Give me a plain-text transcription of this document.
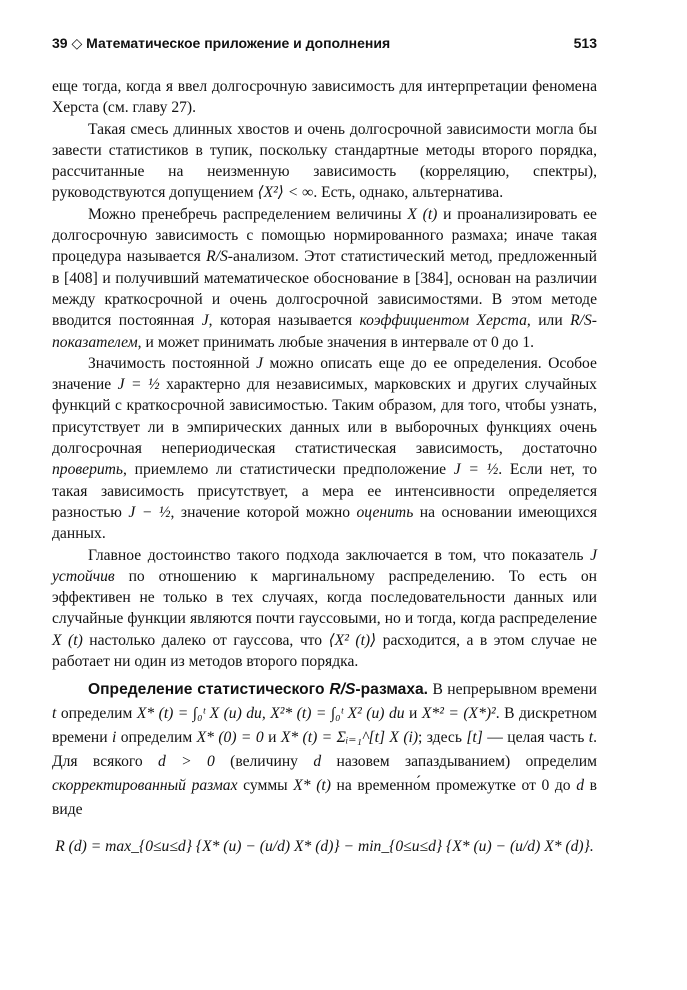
39 ◇ Математическое приложение и дополнения	513

еще тогда, когда я ввел долгосрочную зависимость для интерпретации феномена Херста (см. главу 27).

Такая смесь длинных хвостов и очень долгосрочной зависимости могла бы завести статистиков в тупик, поскольку стандартные методы второго порядка, рассчитанные на неизменную зависимость (корреляцию, спектры), руководствуются допущением ⟨X²⟩ < ∞. Есть, однако, альтернатива.

Можно пренебречь распределением величины X (t) и проанализировать ее долгосрочную зависимость с помощью нормированного размаха; иначе такая процедура называется R/S-анализом. Этот статистический метод, предложенный в [408] и получивший математическое обоснование в [384], основан на различии между краткосрочной и очень долгосрочной зависимостями. В этом методе вводится постоянная J, которая называется коэффициентом Херста, или R/S-показателем, и может принимать любые значения в интервале от 0 до 1.

Значимость постоянной J можно описать еще до ее определения. Особое значение J = ½ характерно для независимых, марковских и других случайных функций с краткосрочной зависимостью. Таким образом, для того, чтобы узнать, присутствует ли в эмпирических данных или в выборочных функциях очень долгосрочная непериодическая статистическая зависимость, достаточно проверить, приемлемо ли статистически предположение J = ½. Если нет, то такая зависимость присутствует, а мера ее интенсивности определяется разностью J − ½, значение которой можно оценить на основании имеющихся данных.

Главное достоинство такого подхода заключается в том, что показатель J устойчив по отношению к маргинальному распределению. То есть он эффективен не только в тех случаях, когда последовательности данных или случайные функции являются почти гауссовыми, но и тогда, когда распределение X (t) настолько далеко от гауссова, что ⟨X² (t)⟩ расходится, а в этом случае не работает ни один из методов второго порядка.

Определение статистического R/S-размаха. В непрерывном времени t определим X* (t) = ∫₀ᵗ X (u) du, X²* (t) = ∫₀ᵗ X² (u) du и X*² = (X*)². В дискретном времени i определим X* (0) = 0 и X* (t) = Σᵢ₌₁^[t] X (i); здесь [t] — целая часть t. Для всякого d > 0 (величину d назовем запаздыванием) определим скорректированный размах суммы X* (t) на временно́м промежутке от 0 до d в виде

R (d) = max_{0≤u≤d} {X* (u) − (u/d) X* (d)} − min_{0≤u≤d} {X* (u) − (u/d) X* (d)}.
